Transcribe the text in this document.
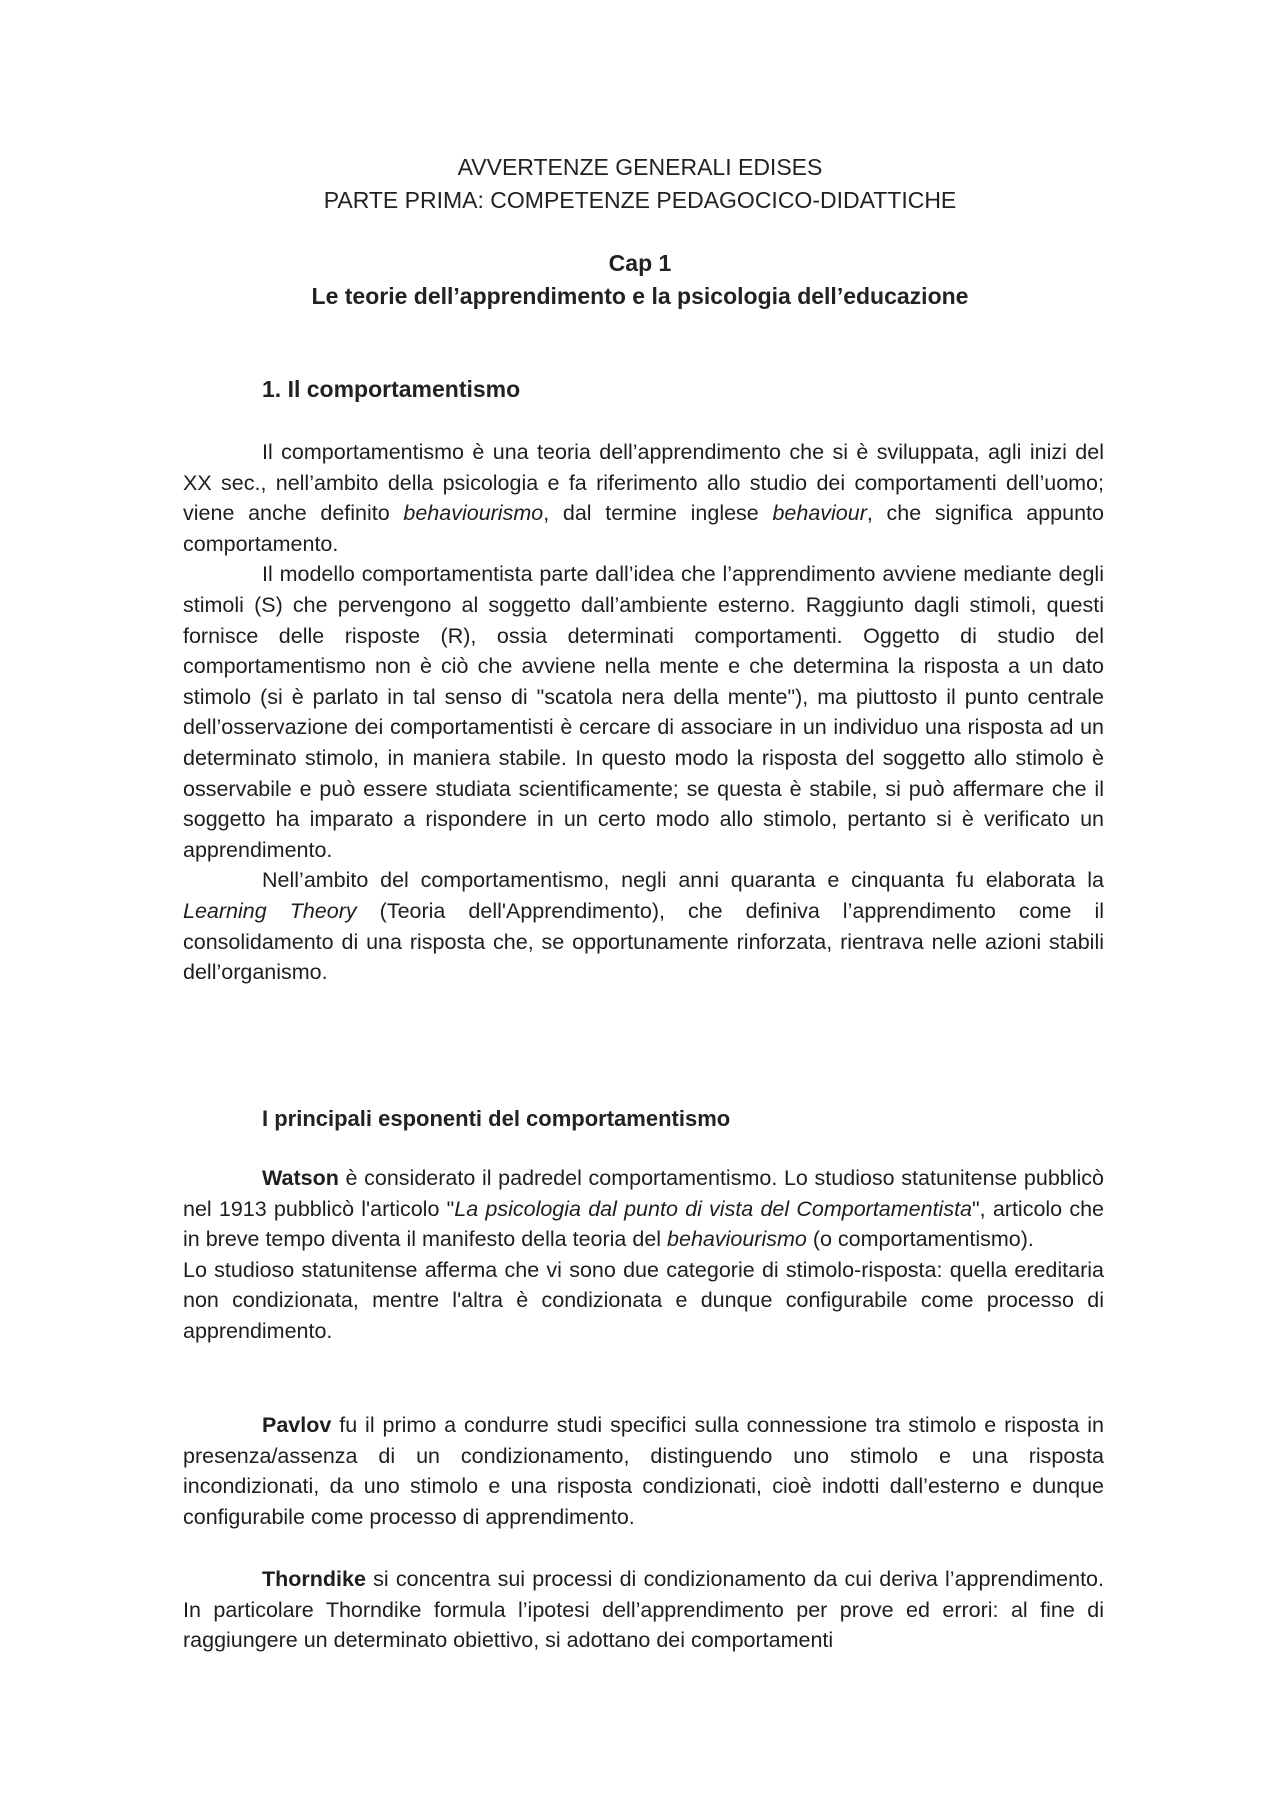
AVVERTENZE GENERALI EDISES
PARTE PRIMA: COMPETENZE PEDAGOCICO-DIDATTICHE
Cap 1
Le teorie dell’apprendimento e la psicologia dell’educazione
1. Il comportamentismo

Il comportamentismo è una teoria dell’apprendimento che si è sviluppata, agli inizi del XX sec., nell’ambito della psicologia e fa riferimento allo studio dei comportamenti dell’uomo; viene anche definito behaviourismo, dal termine inglese behaviour, che significa appunto comportamento.

Il modello comportamentista parte dall’idea che l’apprendimento avviene mediante degli stimoli (S) che pervengono al soggetto dall’ambiente esterno. Raggiunto dagli stimoli, questi fornisce delle risposte (R), ossia determinati comportamenti. Oggetto di studio del comportamentismo non è ciò che avviene nella mente e che determina la risposta a un dato stimolo (si è parlato in tal senso di "scatola nera della mente"), ma piuttosto il punto centrale dell’osservazione dei comportamentisti è cercare di associare in un individuo una risposta ad un determinato stimolo, in maniera stabile. In questo modo la risposta del soggetto allo stimolo è osservabile e può essere studiata scientificamente; se questa è stabile, si può affermare che il soggetto ha imparato a rispondere in un certo modo allo stimolo, pertanto si è verificato un apprendimento.

Nell’ambito del comportamentismo, negli anni quaranta e cinquanta fu elaborata la Learning Theory (Teoria dell'Apprendimento), che definiva l’apprendimento come il consolidamento di una risposta che, se opportunamente rinforzata, rientrava nelle azioni stabili dell’organismo.

I principali esponenti del comportamentismo

Watson è considerato il padredel comportamentismo. Lo studioso statunitense pubblicò nel 1913 pubblicò l'articolo "La psicologia dal punto di vista del Comportamentista", articolo che in breve tempo diventa il manifesto della teoria del behaviourismo (o comportamentismo).

Lo studioso statunitense afferma che vi sono due categorie di stimolo-risposta: quella ereditaria non condizionata, mentre l'altra è condizionata e dunque configurabile come processo di apprendimento.

Pavlov fu il primo a condurre studi specifici sulla connessione tra stimolo e risposta in presenza/assenza di un condizionamento, distinguendo uno stimolo e una risposta incondizionati, da uno stimolo e una risposta condizionati, cioè indotti dall’esterno e dunque configurabile come processo di apprendimento.

Thorndike si concentra sui processi di condizionamento da cui deriva l’apprendimento. In particolare Thorndike formula l’ipotesi dell’apprendimento per prove ed errori: al fine di raggiungere un determinato obiettivo, si adottano dei comportamenti
